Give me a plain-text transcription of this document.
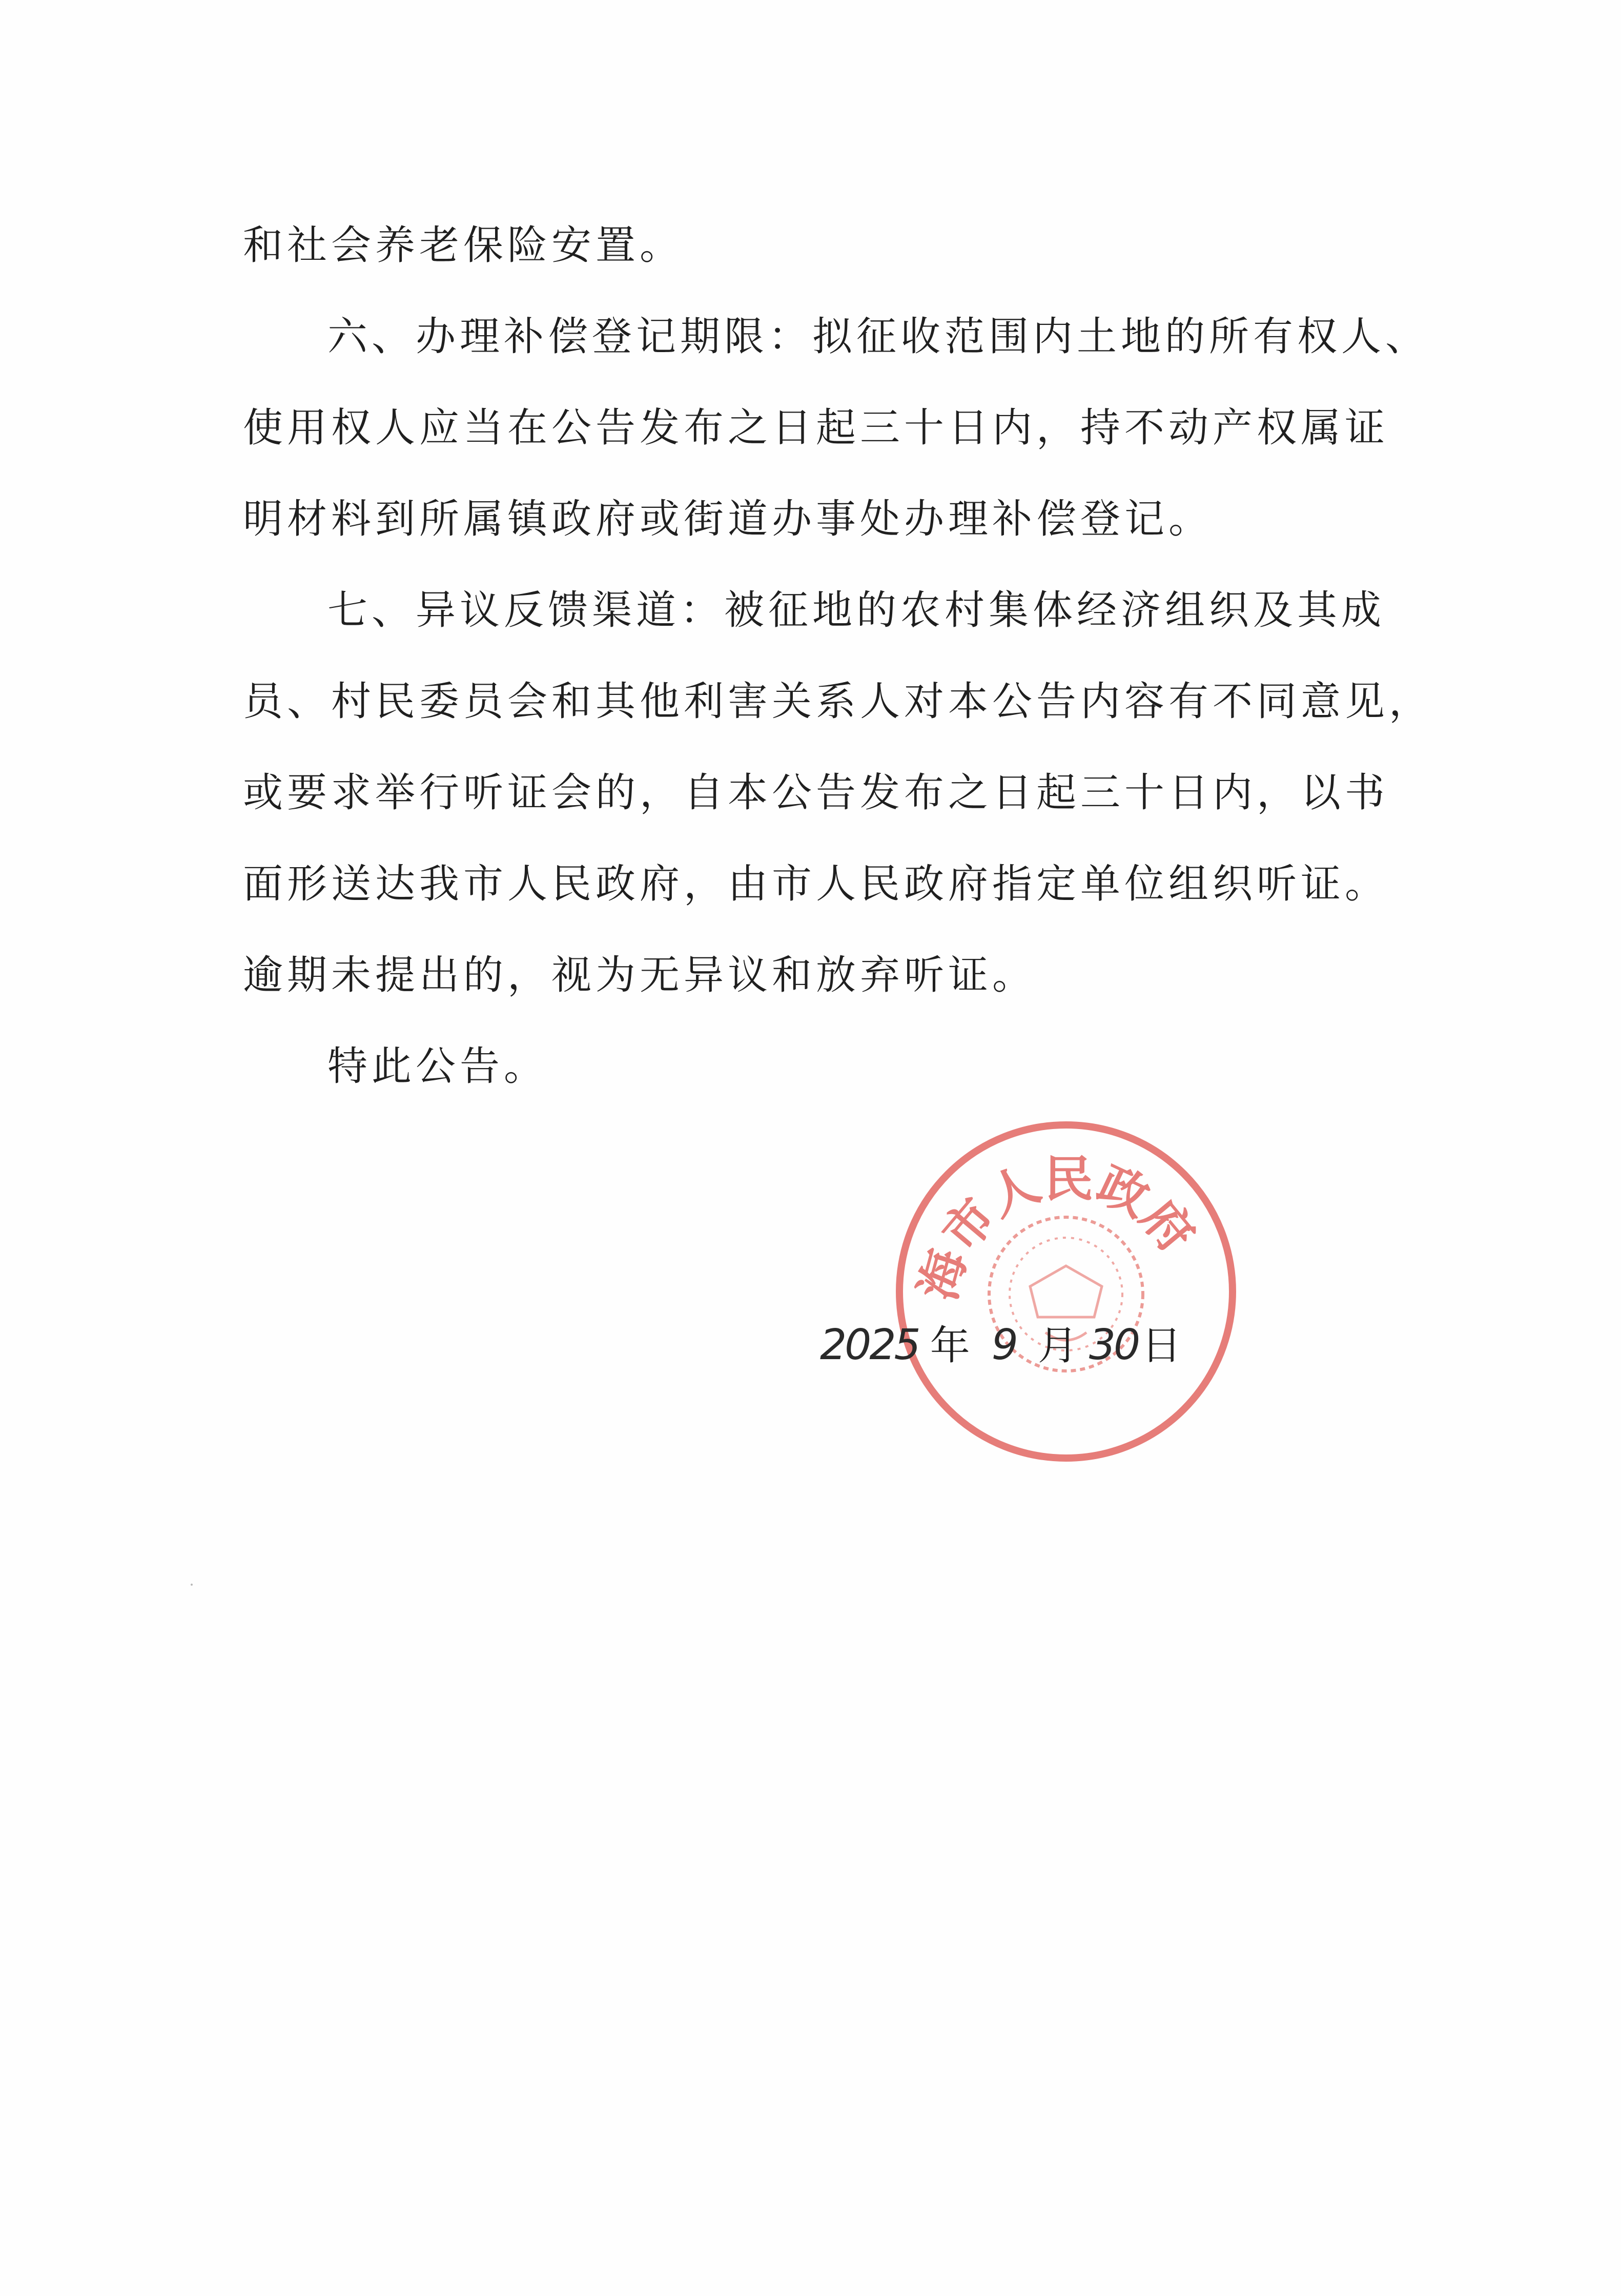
和社会养老保险安置。
六、办理补偿登记期限：拟征收范围内土地的所有权人、
使用权人应当在公告发布之日起三十日内，持不动产权属证
明材料到所属镇政府或街道办事处办理补偿登记。
七、异议反馈渠道：被征地的农村集体经济组织及其成
员、村民委员会和其他利害关系人对本公告内容有不同意见，
或要求举行听证会的，自本公告发布之日起三十日内，以书
面形送达我市人民政府，由市人民政府指定单位组织听证。
逾期未提出的，视为无异议和放弃听证。
特此公告。
海市人民政府
2025 年 9 月 30日
